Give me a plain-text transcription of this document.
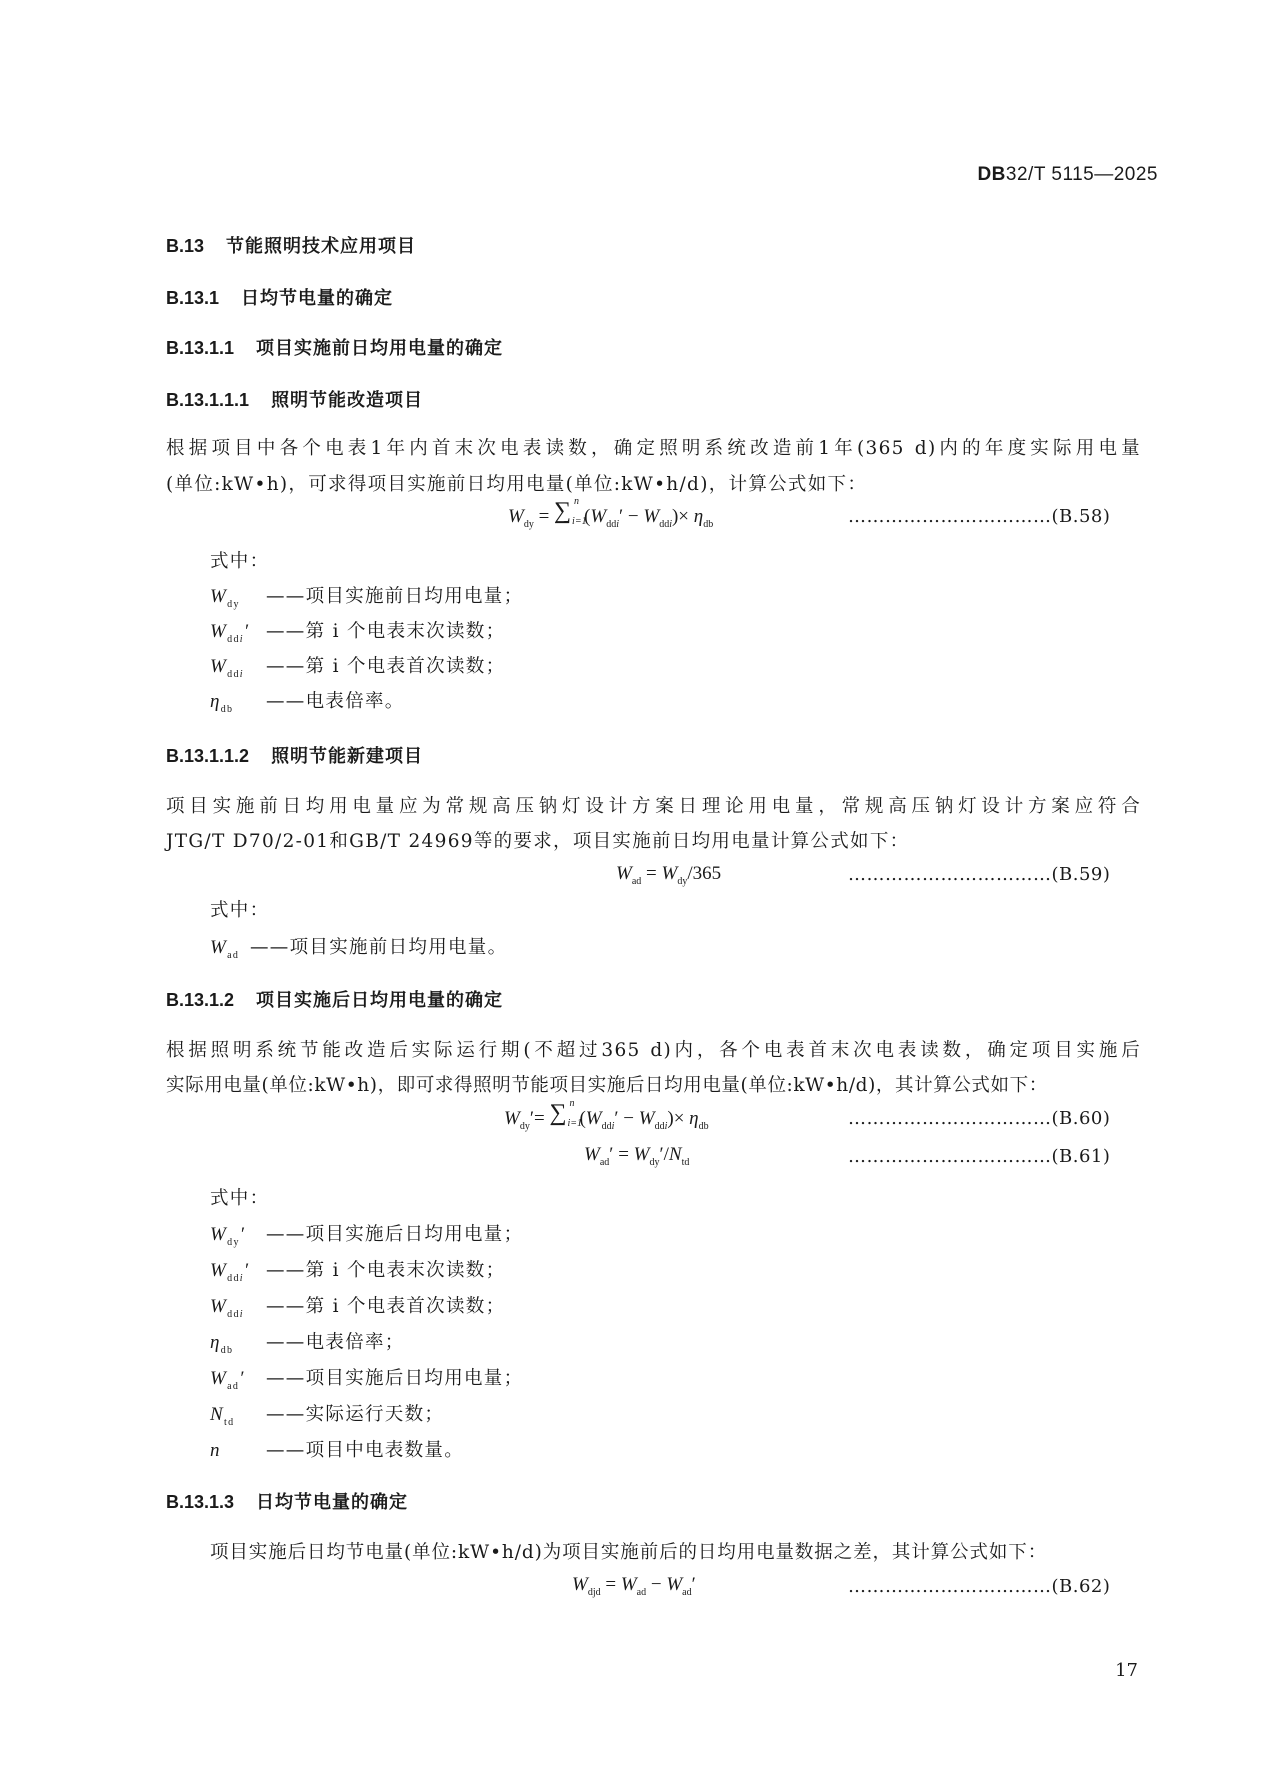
DB32/T 5115—2025
B.13 节能照明技术应用项目
B.13.1 日均节电量的确定
B.13.1.1 项目实施前日均用电量的确定
B.13.1.1.1 照明节能改造项目
根据项目中各个电表1年内首末次电表读数，确定照明系统改造前1年(365 d)内的年度实际用电量
(单位:kW•h)，可求得项目实施前日均用电量(单位:kW•h/d)，计算公式如下：
$W_{dy}$ = ∑ n
i=1
$(W_{ddi}' - W_{ddi})\times \eta_{db}$	……………………………(B.58)
式中：
$W_{dy}$ ——项目实施前日均用电量；
$W_{ddi}'$ ——第 i 个电表末次读数；
$W_{ddi}$ ——第 i 个电表首次读数；
$\eta_{db}$ ——电表倍率。
B.13.1.1.2 照明节能新建项目
项目实施前日均用电量应为常规高压钠灯设计方案日理论用电量，常规高压钠灯设计方案应符合
JTG/T D70/2-01和GB/T 24969等的要求，项目实施前日均用电量计算公式如下：
$W_{ad} = W_{dy}/365$	……………………………(B.59)
式中：
$W_{ad}$ ——项目实施前日均用电量。
B.13.1.2 项目实施后日均用电量的确定
根据照明系统节能改造后实际运行期(不超过365 d)内，各个电表首末次电表读数，确定项目实施后
实际用电量(单位:kW•h)，即可求得照明节能项目实施后日均用电量(单位:kW•h/d)，其计算公式如下：
$W_{dy}'=$ ∑ n
i=1
$(W_{ddi}' - W_{ddi})\times \eta_{db}$	……………………………(B.60)
$W_{ad}' = W_{dy}'/N_{td}$	……………………………(B.61)
式中：
$W_{dy}'$ ——项目实施后日均用电量；
$W_{ddi}'$ ——第 i 个电表末次读数；
$W_{ddi}$ ——第 i 个电表首次读数；
$\eta_{db}$ ——电表倍率；
$W_{ad}'$ ——项目实施后日均用电量；
$N_{td}$ ——实际运行天数；
n ——项目中电表数量。
B.13.1.3 日均节电量的确定
项目实施后日均节电量(单位:kW•h/d)为项目实施前后的日均用电量数据之差，其计算公式如下：
$W_{djd} = W_{ad} - W_{ad}'$	……………………………(B.62)
17
